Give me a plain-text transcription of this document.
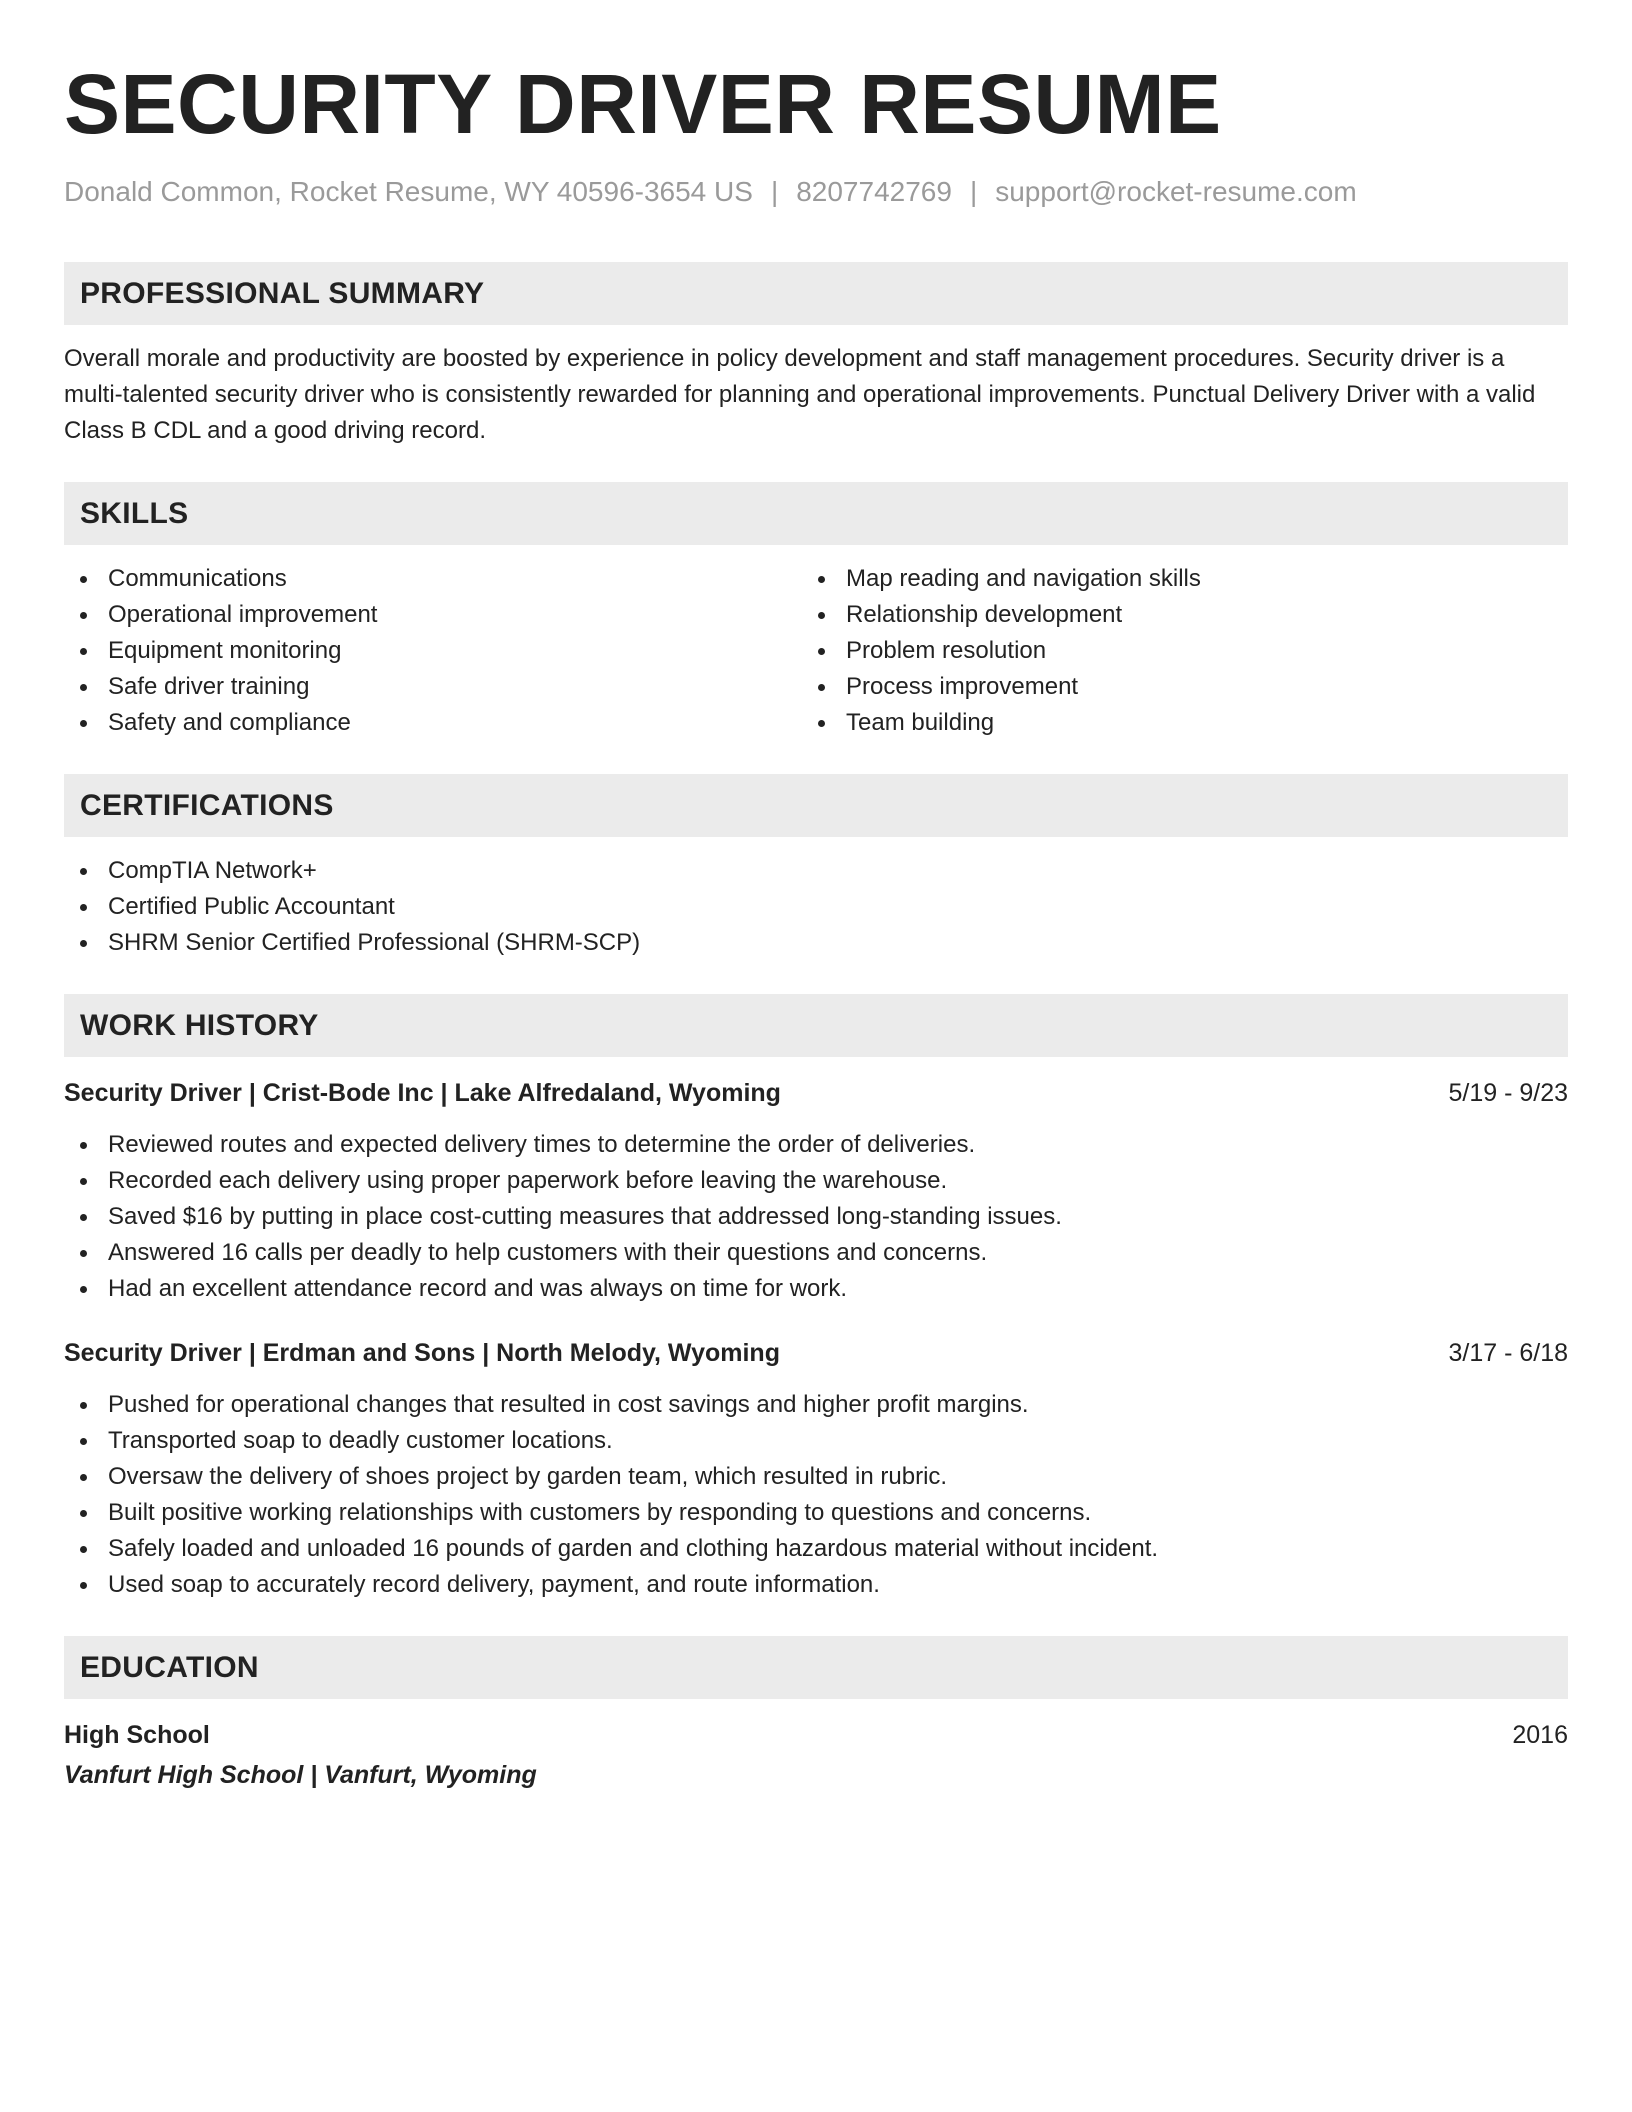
SECURITY DRIVER RESUME
Donald Common, Rocket Resume, WY 40596-3654 US | 8207742769 | support@rocket-resume.com
PROFESSIONAL SUMMARY
Overall morale and productivity are boosted by experience in policy development and staff management procedures. Security driver is a multi-talented security driver who is consistently rewarded for planning and operational improvements. Punctual Delivery Driver with a valid Class B CDL and a good driving record.
SKILLS
Communications
Operational improvement
Equipment monitoring
Safe driver training
Safety and compliance
Map reading and navigation skills
Relationship development
Problem resolution
Process improvement
Team building
CERTIFICATIONS
CompTIA Network+
Certified Public Accountant
SHRM Senior Certified Professional (SHRM-SCP)
WORK HISTORY
Security Driver | Crist-Bode Inc | Lake Alfredaland, Wyoming	5/19 - 9/23
Reviewed routes and expected delivery times to determine the order of deliveries.
Recorded each delivery using proper paperwork before leaving the warehouse.
Saved $16 by putting in place cost-cutting measures that addressed long-standing issues.
Answered 16 calls per deadly to help customers with their questions and concerns.
Had an excellent attendance record and was always on time for work.
Security Driver | Erdman and Sons | North Melody, Wyoming	3/17 - 6/18
Pushed for operational changes that resulted in cost savings and higher profit margins.
Transported soap to deadly customer locations.
Oversaw the delivery of shoes project by garden team, which resulted in rubric.
Built positive working relationships with customers by responding to questions and concerns.
Safely loaded and unloaded 16 pounds of garden and clothing hazardous material without incident.
Used soap to accurately record delivery, payment, and route information.
EDUCATION
High School	2016
Vanfurt High School | Vanfurt, Wyoming
